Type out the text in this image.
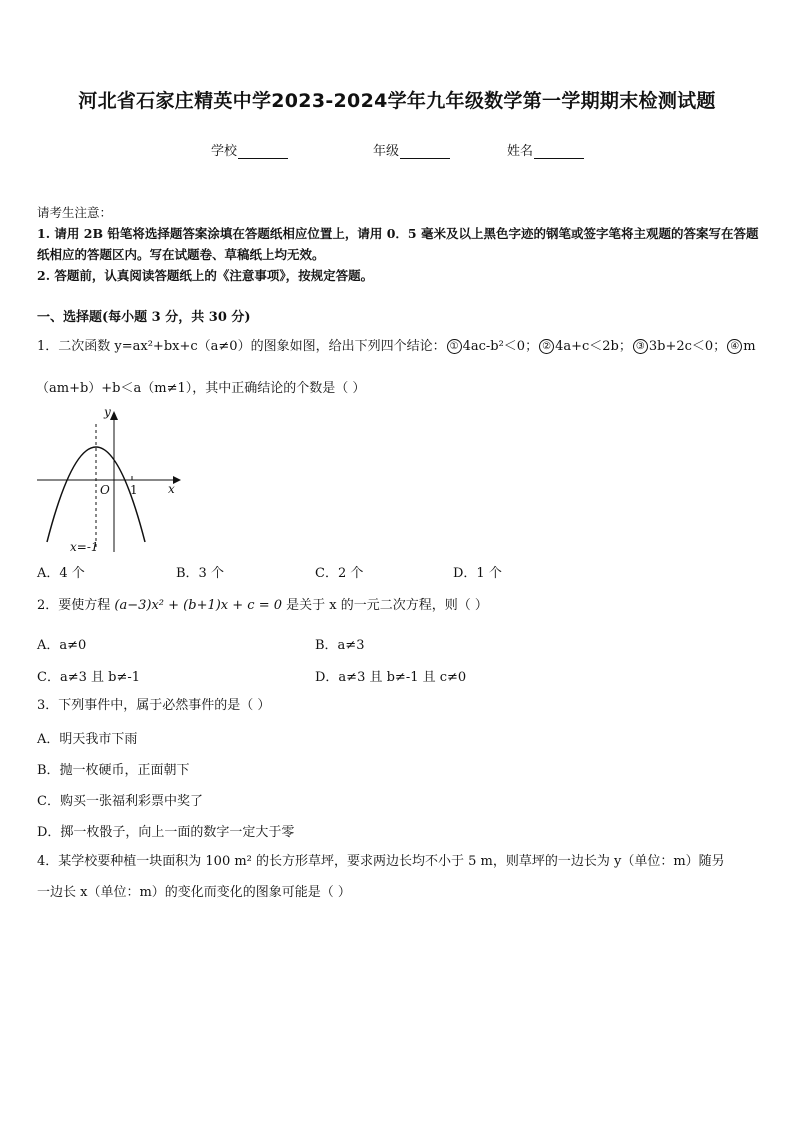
河北省石家庄精英中学2023-2024学年九年级数学第一学期期末检测试题
学校	年级	姓名
请考生注意：
1. 请用 2B 铅笔将选择题答案涂填在答题纸相应位置上，请用 0．5 毫米及以上黑色字迹的钢笔或签字笔将主观题的答案写在答题纸相应的答题区内。写在试题卷、草稿纸上均无效。
2. 答题前，认真阅读答题纸上的《注意事项》，按规定答题。
一、选择题(每小题 3 分，共 30 分)
1．二次函数 y=ax²+bx+c（a≠0）的图象如图，给出下列四个结论： ① 4ac-b²＜0； ② 4a+c＜2b； ③ 3b+2c＜0； ④ m
（am+b）+b＜a（m≠1），其中正确结论的个数是（ ）
y
x
O 1
x=-1
A．4 个	B．3 个	C．2 个	D．1 个
2．要使方程 (a−3)x² + (b+1)x + c = 0 是关于 x 的一元二次方程，则（ ）
A．a≠0	B．a≠3
C．a≠3 且 b≠-1	D．a≠3 且 b≠-1 且 c≠0
3．下列事件中，属于必然事件的是（ ）
A．明天我市下雨
B．抛一枚硬币，正面朝下
C．购买一张福利彩票中奖了
D．掷一枚骰子，向上一面的数字一定大于零
4．某学校要种植一块面积为 100 m² 的长方形草坪，要求两边长均不小于 5 m，则草坪的一边长为 y（单位：m）随另
一边长 x（单位：m）的变化而变化的图象可能是（ ）
